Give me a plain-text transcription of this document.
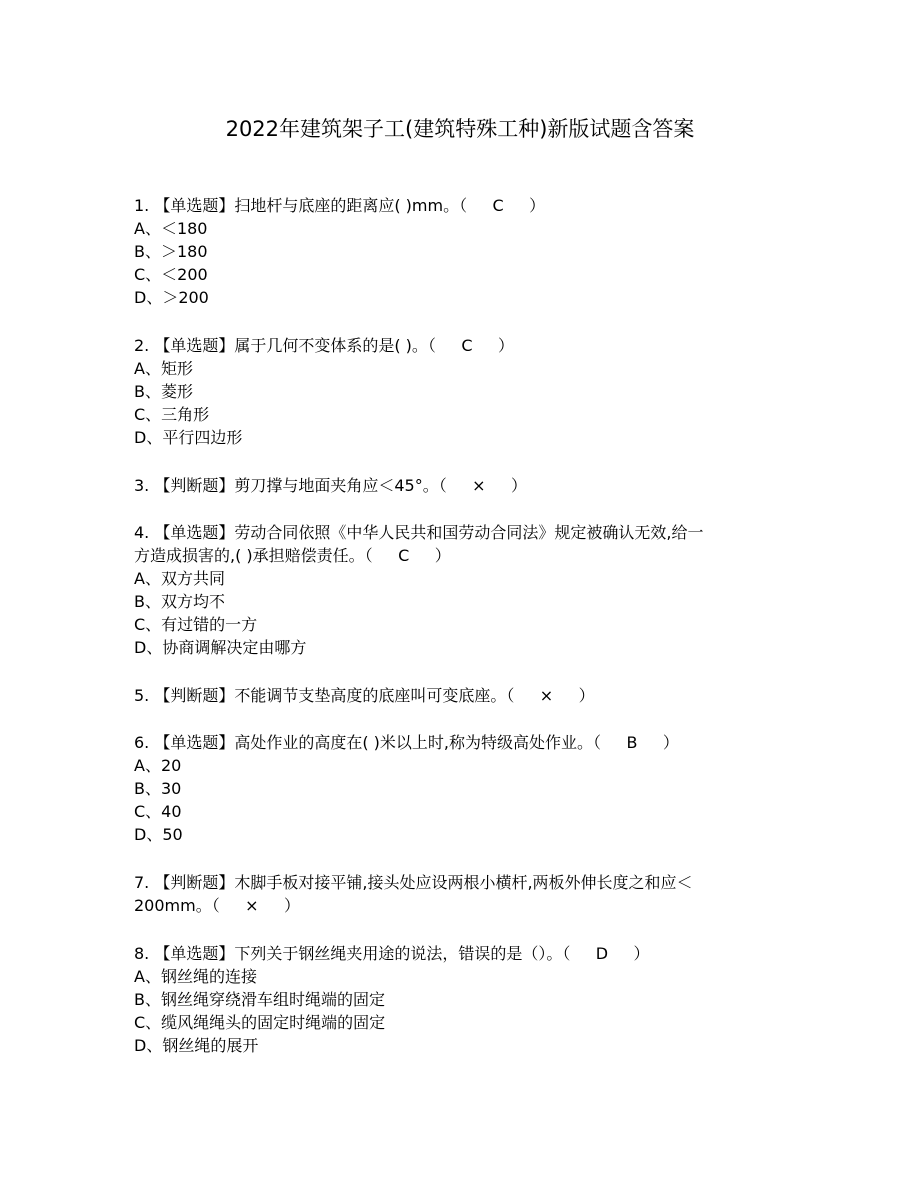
2022年建筑架子工(建筑特殊工种)新版试题含答案
1. 【单选题】扫地杆与底座的距离应( )mm。（     C     ）
A、＜180
B、＞180
C、＜200
D、＞200
2. 【单选题】属于几何不变体系的是( )。（     C     ）
A、矩形
B、菱形
C、三角形
D、平行四边形
3. 【判断题】剪刀撑与地面夹角应＜45°。（     ×     ）
4. 【单选题】劳动合同依照《中华人民共和国劳动合同法》规定被确认无效,给一
方造成损害的,( )承担赔偿责任。（     C     ）
A、双方共同
B、双方均不
C、有过错的一方
D、协商调解决定由哪方
5. 【判断题】不能调节支垫高度的底座叫可变底座。（     ×     ）
6. 【单选题】高处作业的高度在( )米以上时,称为特级高处作业。（     B     ）
A、20
B、30
C、40
D、50
7. 【判断题】木脚手板对接平铺,接头处应设两根小横杆,两板外伸长度之和应＜
200mm。（     ×     ）
8. 【单选题】下列关于钢丝绳夹用途的说法，错误的是（）。（     D     ）
A、钢丝绳的连接
B、钢丝绳穿绕滑车组时绳端的固定
C、缆风绳绳头的固定时绳端的固定
D、钢丝绳的展开
